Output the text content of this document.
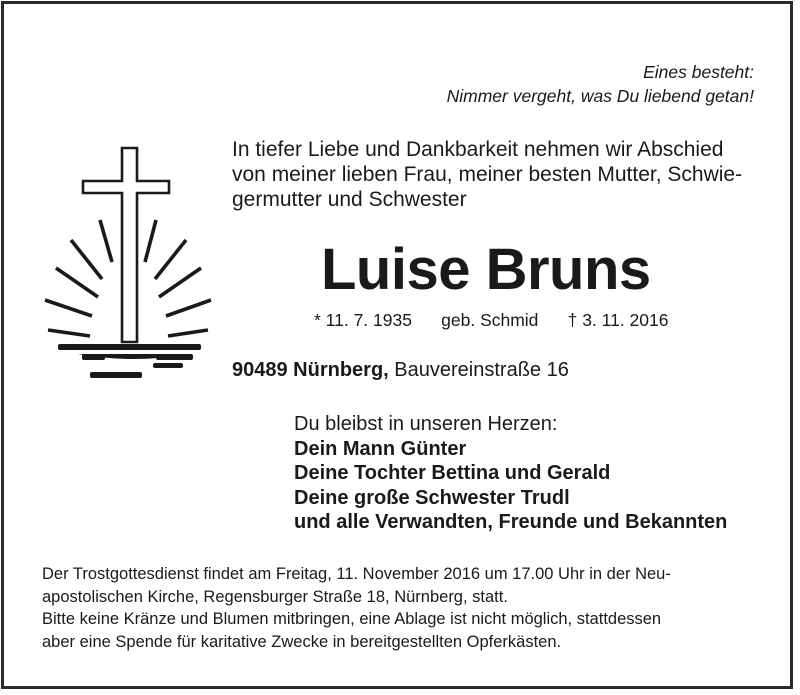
Eines besteht:
Nimmer vergeht, was Du liebend getan!
In tiefer Liebe und Dankbarkeit nehmen wir Abschied
von meiner lieben Frau, meiner besten Mutter, Schwie-
germutter und Schwester
Luise Bruns
* 11. 7. 1935 geb. Schmid † 3. 11. 2016
90489 Nürnberg, Bauvereinstraße 16
Du bleibst in unseren Herzen:
Dein Mann Günter
Deine Tochter Bettina und Gerald
Deine große Schwester Trudl
und alle Verwandten, Freunde und Bekannten
Der Trostgottesdienst findet am Freitag, 11. November 2016 um 17.00 Uhr in der Neu-
apostolischen Kirche, Regensburger Straße 18, Nürnberg, statt.
Bitte keine Kränze und Blumen mitbringen, eine Ablage ist nicht möglich, stattdessen
aber eine Spende für karitative Zwecke in bereitgestellten Opferkästen.
